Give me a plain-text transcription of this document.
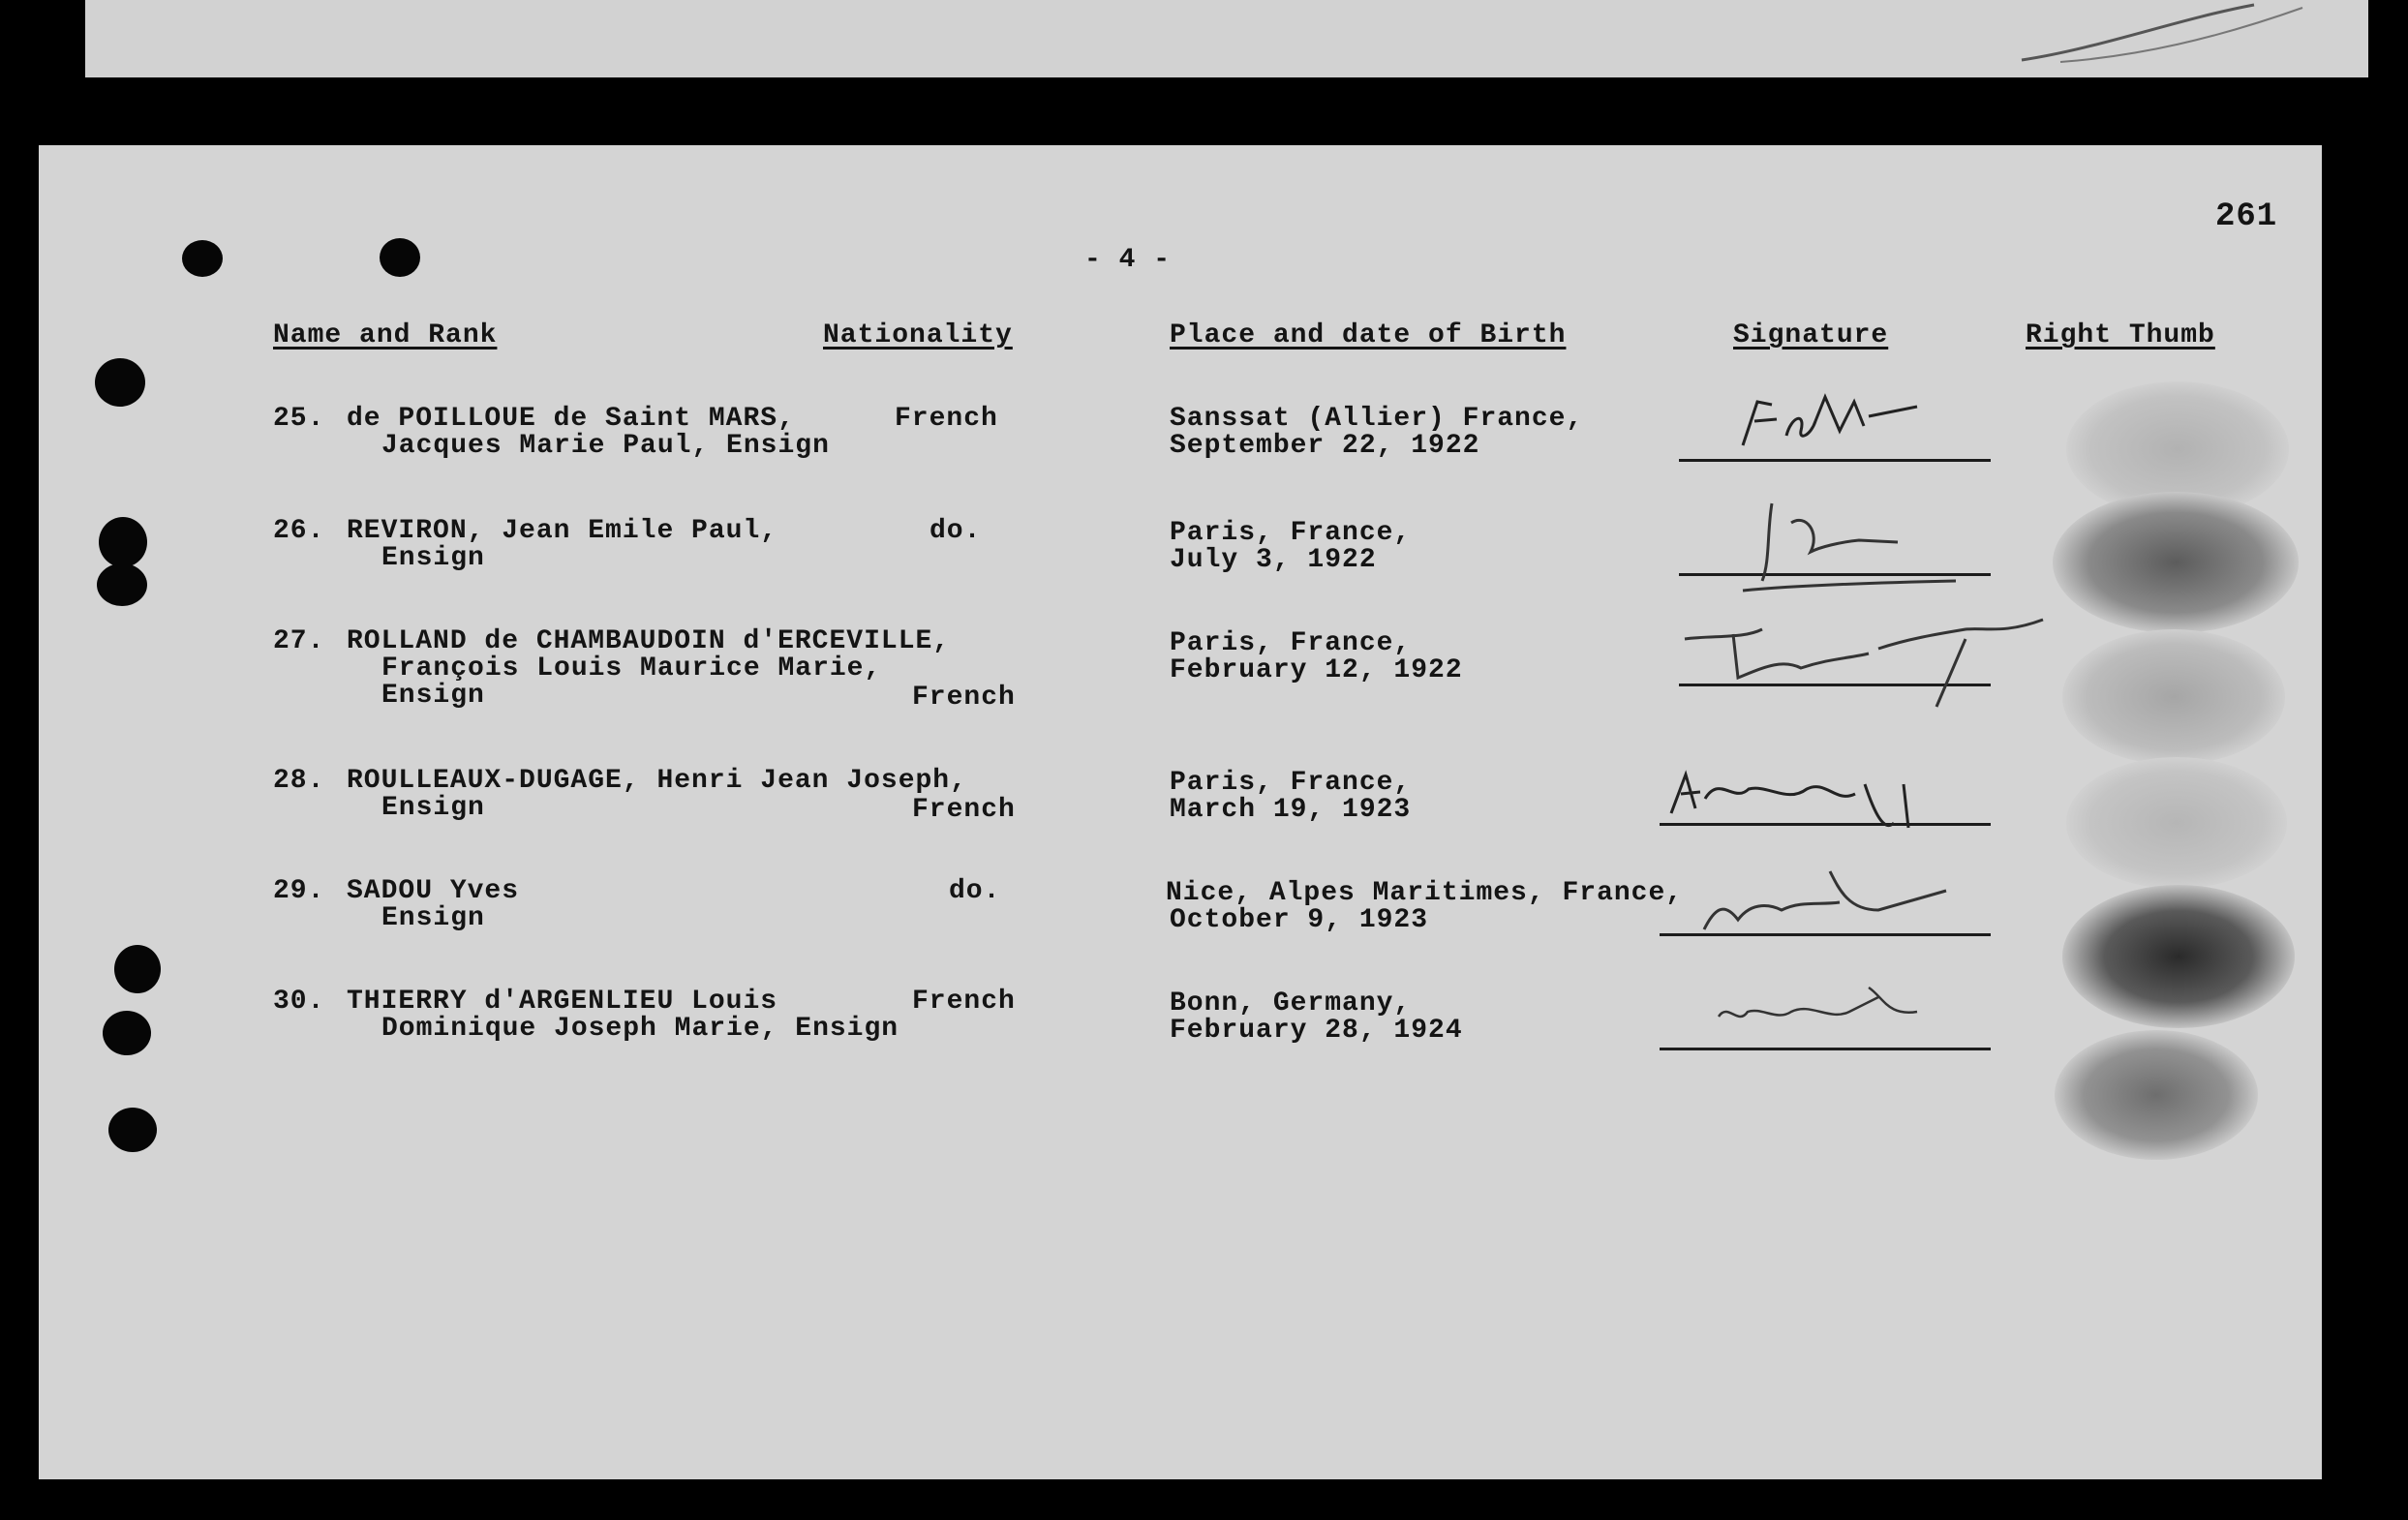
261
- 4 -
Name and Rank	Nationality	Place and date of Birth	Signature	Right Thumb
25. de POILLOUE de Saint MARS,
Jacques Marie Paul, Ensign
French	Sanssat (Allier) France,
September 22, 1922
26. REVIRON, Jean Emile Paul,
Ensign
do.	Paris, France,
July 3, 1922
27. ROLLAND de CHAMBAUDOIN d'ERCEVILLE,
François Louis Maurice Marie,
Ensign	French
Paris, France,
February 12, 1922
28. ROULLEAUX-DUGAGE, Henri Jean Joseph,
Ensign	French
Paris, France,
March 19, 1923
29. SADOU Yves
Ensign
do.	Nice, Alpes Maritimes, France,
October 9, 1923
30. THIERRY d'ARGENLIEU Louis
Dominique Joseph Marie, Ensign
French	Bonn, Germany,
February 28, 1924
